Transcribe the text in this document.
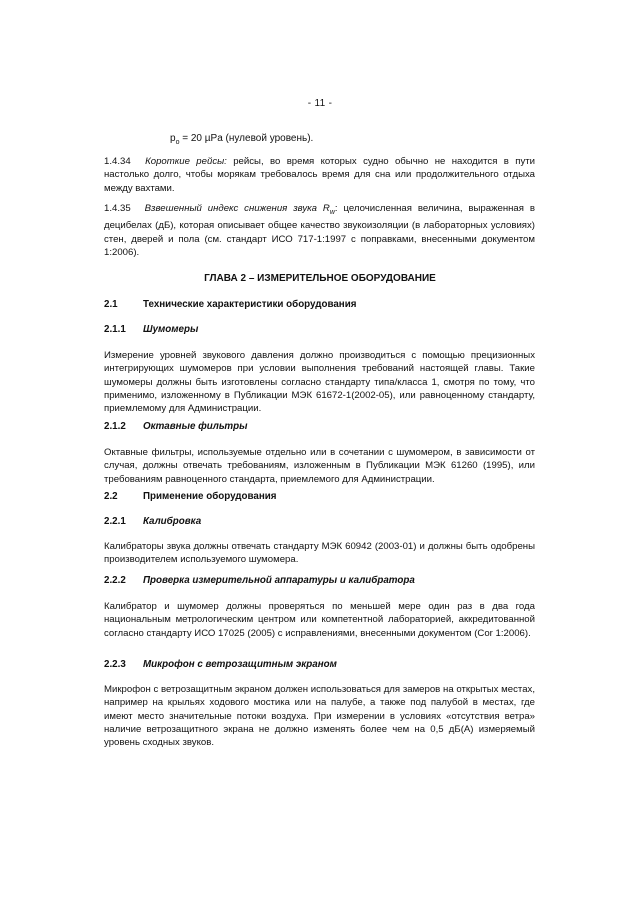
- 11 -
$p_o = 20$ µPa (нулевой уровень).
1.4.34 Короткие рейсы: рейсы, во время которых судно обычно не находится в пути настолько долго, чтобы морякам требовалось время для сна или продолжительного отдыха между вахтами.
1.4.35 Взвешенный индекс снижения звука $R_w$: целочисленная величина, выраженная в децибелах (дБ), которая описывает общее качество звукоизоляции (в лабораторных условиях) стен, дверей и пола (см. стандарт ИСО 717-1:1997 с поправками, внесенными документом 1:2006).
ГЛАВА 2 – ИЗМЕРИТЕЛЬНОЕ ОБОРУДОВАНИЕ
2.1	Технические характеристики оборудования
2.1.1 Шумомеры
Измерение уровней звукового давления должно производиться с помощью прецизионных интегрирующих шумомеров при условии выполнения требований настоящей главы. Такие шумомеры должны быть изготовлены согласно стандарту типа/класса 1, смотря по тому, что применимо, изложенному в Публикации МЭК 61672-1(2002-05), или равноценному стандарту, приемлемому для Администрации.
2.1.2 Октавные фильтры
Октавные фильтры, используемые отдельно или в сочетании с шумомером, в зависимости от случая, должны отвечать требованиям, изложенным в Публикации МЭК 61260 (1995), или требованиям равноценного стандарта, приемлемого для Администрации.
2.2	Применение оборудования
2.2.1 Калибровка
Калибраторы звука должны отвечать стандарту МЭК 60942 (2003-01) и должны быть одобрены производителем используемого шумомера.
2.2.2 Проверка измерительной аппаратуры и калибратора
Калибратор и шумомер должны проверяться по меньшей мере один раз в два года национальным метрологическим центром или компетентной лабораторией, аккредитованной согласно стандарту ИСО 17025 (2005) с исправлениями, внесенными документом (Cor 1:2006).
2.2.3 Микрофон с ветрозащитным экраном
Микрофон с ветрозащитным экраном должен использоваться для замеров на открытых местах, например на крыльях ходового мостика или на палубе, а также под палубой в местах, где имеют место значительные потоки воздуха. При измерении в условиях «отсутствия ветра» наличие ветрозащитного экрана не должно изменять более чем на 0,5 дБ(А) измеряемый уровень сходных звуков.
